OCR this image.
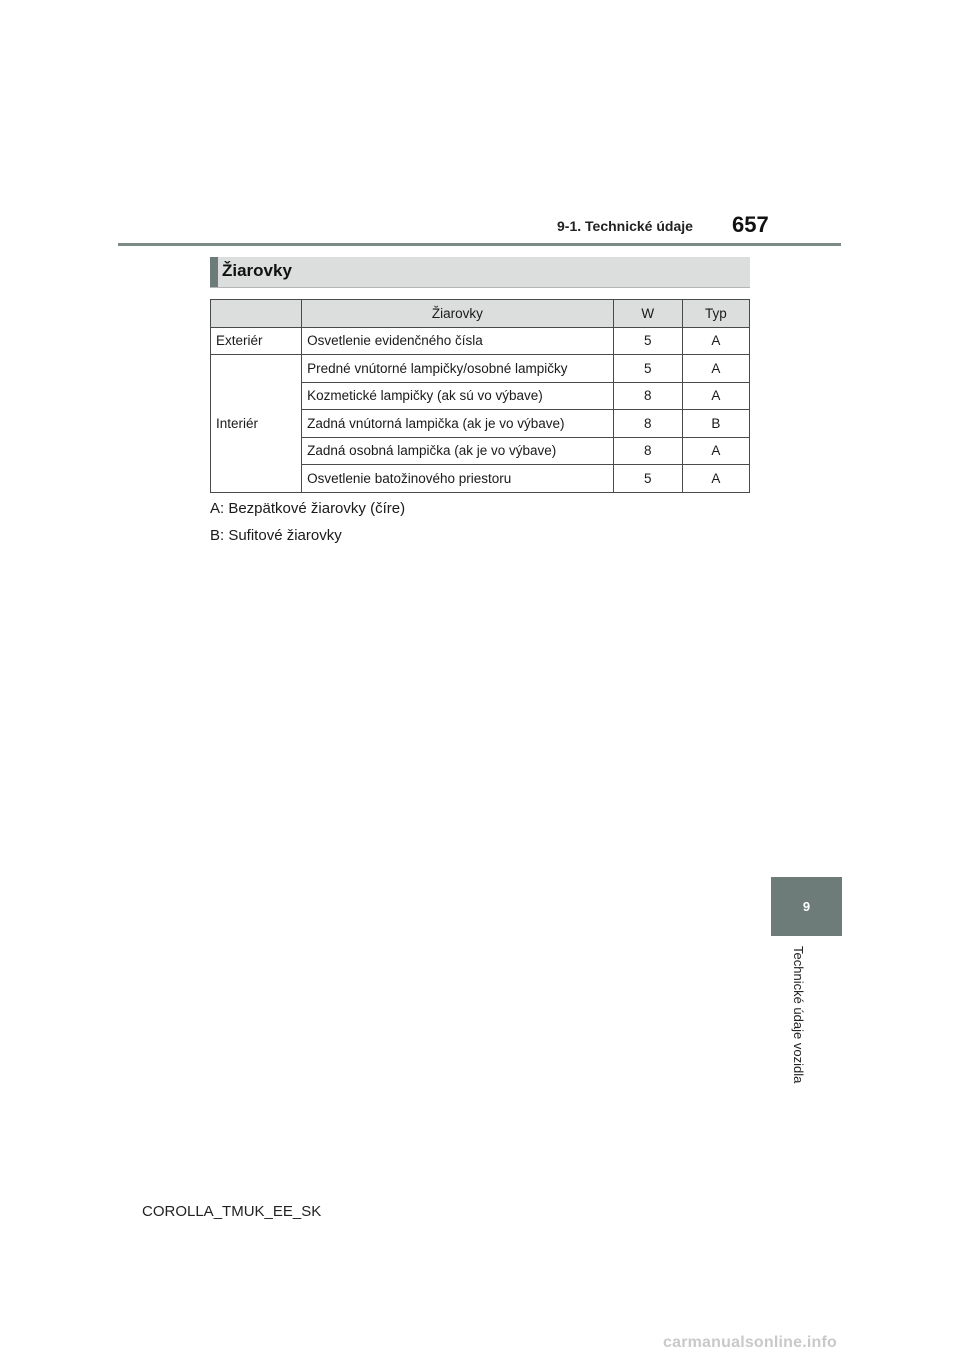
9-1. Technické údaje 657
Žiarovky
	Žiarovky	W	Typ
Exteriér	Osvetlenie evidenčného čísla	5	A
Interiér	Predné vnútorné lampičky/osobné lampičky	5	A
	Kozmetické lampičky (ak sú vo výbave)	8	A
	Zadná vnútorná lampička (ak je vo výbave)	8	B
	Zadná osobná lampička (ak je vo výbave)	8	A
	Osvetlenie batožinového priestoru	5	A
A: Bezpätkové žiarovky (číre)
B: Sufitové žiarovky
9
Technické údaje vozidla
COROLLA_TMUK_EE_SK
carmanualsonline.info
